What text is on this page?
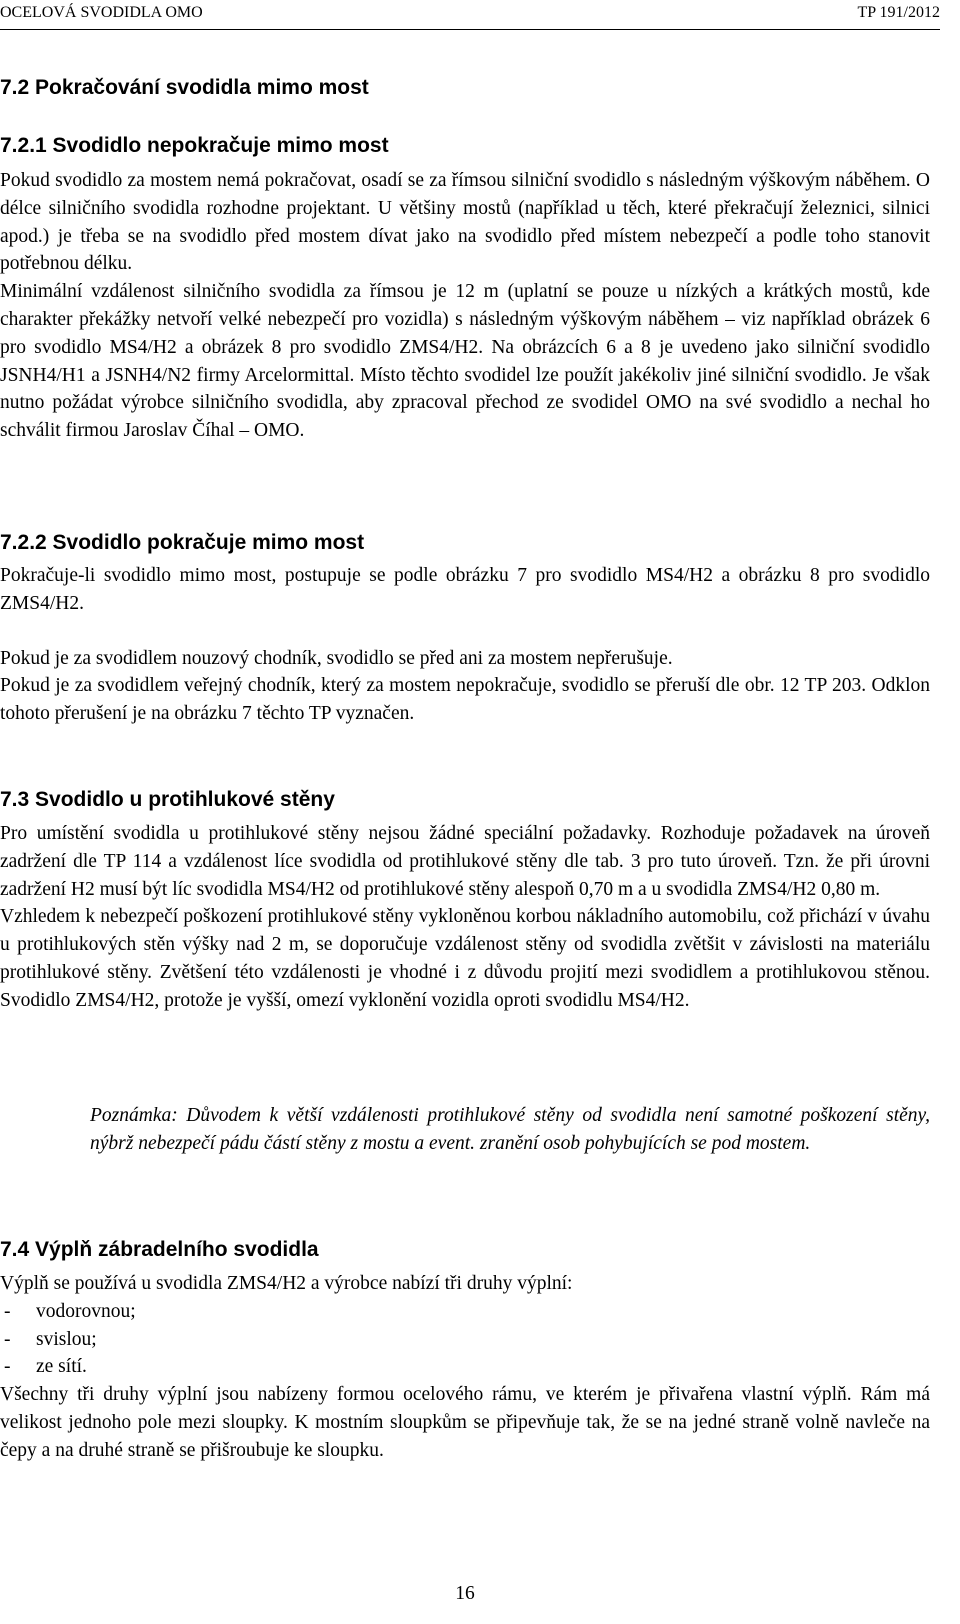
OCELOVÁ SVODIDLA OMO	TP 191/2012
7.2 Pokračování svodidla mimo most
7.2.1 Svodidlo nepokračuje mimo most

Pokud svodidlo za mostem nemá pokračovat, osadí se za římsou silniční svodidlo s následným výškovým náběhem. O délce silničního svodidla rozhodne projektant. U většiny mostů (například u těch, které překračují železnici, silnici apod.) je třeba se na svodidlo před mostem dívat jako na svodidlo před místem nebezpečí a podle toho stanovit potřebnou délku.

Minimální vzdálenost silničního svodidla za římsou je 12 m (uplatní se pouze u nízkých a krátkých mostů, kde charakter překážky netvoří velké nebezpečí pro vozidla) s následným výškovým náběhem – viz například obrázek 6 pro svodidlo MS4/H2 a obrázek 8 pro svodidlo ZMS4/H2. Na obrázcích 6 a 8 je uvedeno jako silniční svodidlo JSNH4/H1 a JSNH4/N2 firmy Arcelormittal. Místo těchto svodidel lze použít jakékoliv jiné silniční svodidlo. Je však nutno požádat výrobce silničního svodidla, aby zpracoval přechod ze svodidel OMO na své svodidlo a nechal ho schválit firmou Jaroslav Číhal – OMO.

7.2.2 Svodidlo pokračuje mimo most

Pokračuje-li svodidlo mimo most, postupuje se podle obrázku 7 pro svodidlo MS4/H2 a obrázku 8 pro svodidlo ZMS4/H2.

Pokud je za svodidlem nouzový chodník, svodidlo se před ani za mostem nepřerušuje.

Pokud je za svodidlem veřejný chodník, který za mostem nepokračuje, svodidlo se přeruší dle obr. 12 TP 203. Odklon tohoto přerušení je na obrázku 7 těchto TP vyznačen.

7.3 Svodidlo u protihlukové stěny

Pro umístění svodidla u protihlukové stěny nejsou žádné speciální požadavky. Rozhoduje požadavek na úroveň zadržení dle TP 114 a vzdálenost líce svodidla od protihlukové stěny dle tab. 3 pro tuto úroveň. Tzn. že při úrovni zadržení H2 musí být líc svodidla MS4/H2 od protihlukové stěny alespoň 0,70 m a u svodidla ZMS4/H2 0,80 m.

Vzhledem k nebezpečí poškození protihlukové stěny vykloněnou korbou nákladního automobilu, což přichází v úvahu u protihlukových stěn výšky nad 2 m, se doporučuje vzdálenost stěny od svodidla zvětšit v závislosti na materiálu protihlukové stěny. Zvětšení této vzdálenosti je vhodné i z důvodu projití mezi svodidlem a protihlukovou stěnou. Svodidlo ZMS4/H2, protože je vyšší, omezí vyklonění vozidla oproti svodidlu MS4/H2.

Poznámka: Důvodem k větší vzdálenosti protihlukové stěny od svodidla není samotné poškození stěny, nýbrž nebezpečí pádu částí stěny z mostu a event. zranění osob pohybujících se pod mostem.
7.4 Výplň zábradelního svodidla

Výplň se používá u svodidla ZMS4/H2 a výrobce nabízí tři druhy výplní:

- vodorovnou;
- svislou;
- ze sítí.

Všechny tři druhy výplní jsou nabízeny formou ocelového rámu, ve kterém je přivařena vlastní výplň. Rám má velikost jednoho pole mezi sloupky. K mostním sloupkům se připevňuje tak, že se na jedné straně volně navleče na čepy a na druhé straně se přišroubuje ke sloupku.

16
